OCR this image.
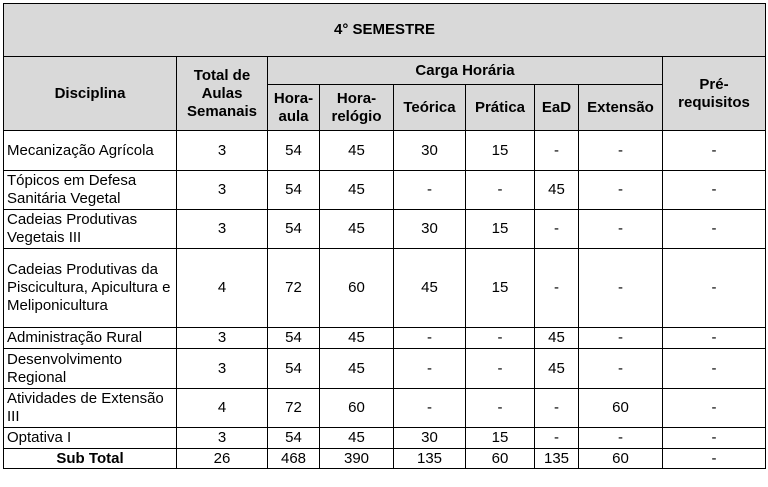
4° SEMESTRE								
Disciplina	Total de Aulas Semanais	Carga Horária						Pré-requisitos
		Hora-aula	Hora-relógio	Teórica	Prática	EaD	Extensão	
Mecanização Agrícola	3	54	45	30	15	-	-	-
Tópicos em Defesa Sanitária Vegetal	3	54	45	-	-	45	-	-
Cadeias Produtivas Vegetais III	3	54	45	30	15	-	-	-
Cadeias Produtivas da Piscicultura, Apicultura e Meliponicultura	4	72	60	45	15	-	-	-
Administração Rural	3	54	45	-	-	45	-	-
Desenvolvimento Regional	3	54	45	-	-	45	-	-
Atividades de Extensão III	4	72	60	-	-	-	60	-
Optativa I	3	54	45	30	15	-	-	-
Sub Total	26	468	390	135	60	135	60	-
